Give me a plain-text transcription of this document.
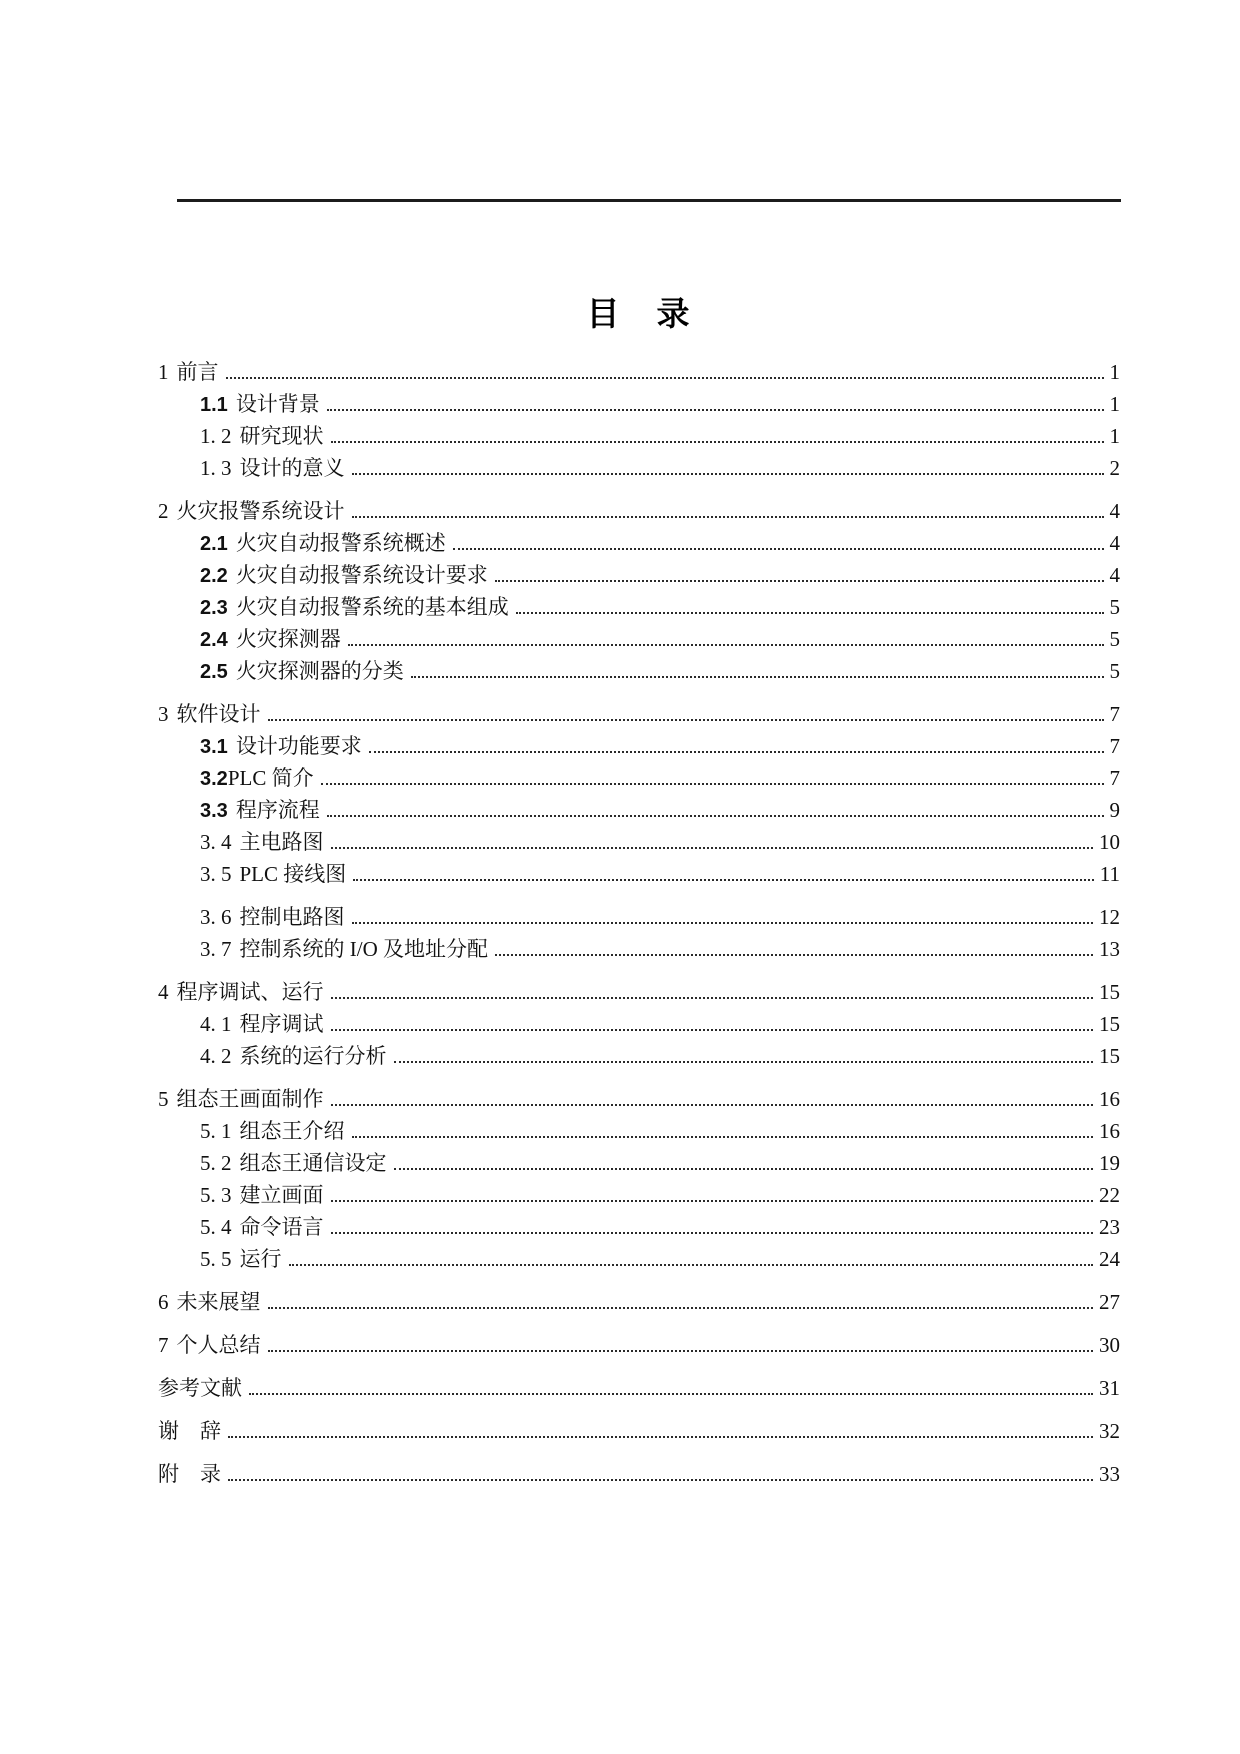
目　录
1 前言	1
1.1 设计背景	1
1. 2 研究现状	1
1. 3 设计的意义	2
2 火灾报警系统设计	4
2.1 火灾自动报警系统概述	4
2.2 火灾自动报警系统设计要求	4
2.3 火灾自动报警系统的基本组成	5
2.4 火灾探测器	5
2.5 火灾探测器的分类	5
3 软件设计	7
3.1 设计功能要求	7
3.2 PLC 简介	7
3.3 程序流程	9
3. 4 主电路图	10
3. 5 PLC 接线图	11
3. 6 控制电路图	12
3. 7 控制系统的 I/O 及地址分配	13
4 程序调试、运行	15
4. 1 程序调试	15
4. 2 系统的运行分析	15
5 组态王画面制作	16
5. 1 组态王介绍	16
5. 2 组态王通信设定	19
5. 3 建立画面	22
5. 4 命令语言	23
5. 5 运行	24
6 未来展望	27
7 个人总结	30
参考文献	31
谢　辞	32
附　录	33
